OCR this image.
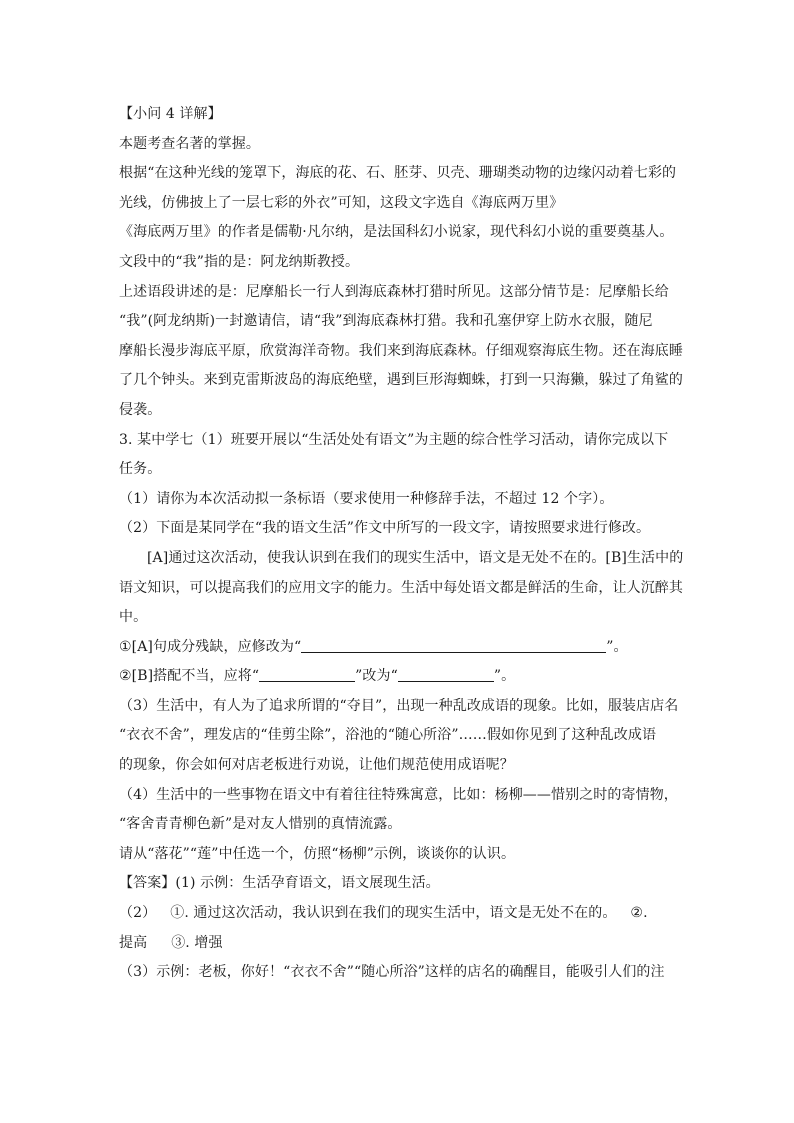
【小问 4 详解】
本题考查名著的掌握。
根据“在这种光线的笼罩下，海底的花、石、胚芽、贝壳、珊瑚类动物的边缘闪动着七彩的
光线，仿佛披上了一层七彩的外衣”可知，这段文字选自《海底两万里》
《海底两万里》的作者是儒勒·凡尔纳，是法国科幻小说家，现代科幻小说的重要奠基人。
文段中的“我”指的是：阿龙纳斯教授。
上述语段讲述的是：尼摩船长一行人到海底森林打猎时所见。这部分情节是：尼摩船长给
“我”(阿龙纳斯)一封邀请信，请“我”到海底森林打猎。我和孔塞伊穿上防水衣服，随尼
摩船长漫步海底平原，欣赏海洋奇物。我们来到海底森林。仔细观察海底生物。还在海底睡
了几个钟头。来到克雷斯波岛的海底绝壁，遇到巨形海蜘蛛，打到一只海獭，躲过了角鲨的
侵袭。
3. 某中学七（1）班要开展以“生活处处有语文”为主题的综合性学习活动，请你完成以下
任务。
（1）请你为本次活动拟一条标语（要求使用一种修辞手法，不超过 12 个字）。
（2）下面是某同学在“我的语文生活”作文中所写的一段文字，请按照要求进行修改。
[A]通过这次活动，使我认识到在我们的现实生活中，语文是无处不在的。[B]生活中的
语文知识，可以提高我们的应用文字的能力。生活中每处语文都是鲜活的生命，让人沉醉其
中。
①[A]句成分残缺，应修改为“	”。
②[B]搭配不当，应将“	”改为“	”。
（3）生活中，有人为了追求所谓的“夺目”，出现一种乱改成语的现象。比如，服装店店名
“衣衣不舍”，理发店的“佳剪尘除”，浴池的“随心所浴”……假如你见到了这种乱改成语
的现象，你会如何对店老板进行劝说，让他们规范使用成语呢？
（4）生活中的一些事物在语文中有着往往特殊寓意，比如：杨柳——惜别之时的寄情物，
“客舍青青柳色新”是对友人惜别的真情流露。
请从“落花”“莲”中任选一个，仿照“杨柳”示例，谈谈你的认识。
【答案】(1) 示例：生活孕育语文，语文展现生活。
（2） ①. 通过这次活动，我认识到在我们的现实生活中，语文是无处不在的。 ②.
提高 ③. 增强
（3）示例：老板，你好！“衣衣不舍”“随心所浴”这样的店名的确醒目，能吸引人们的注
